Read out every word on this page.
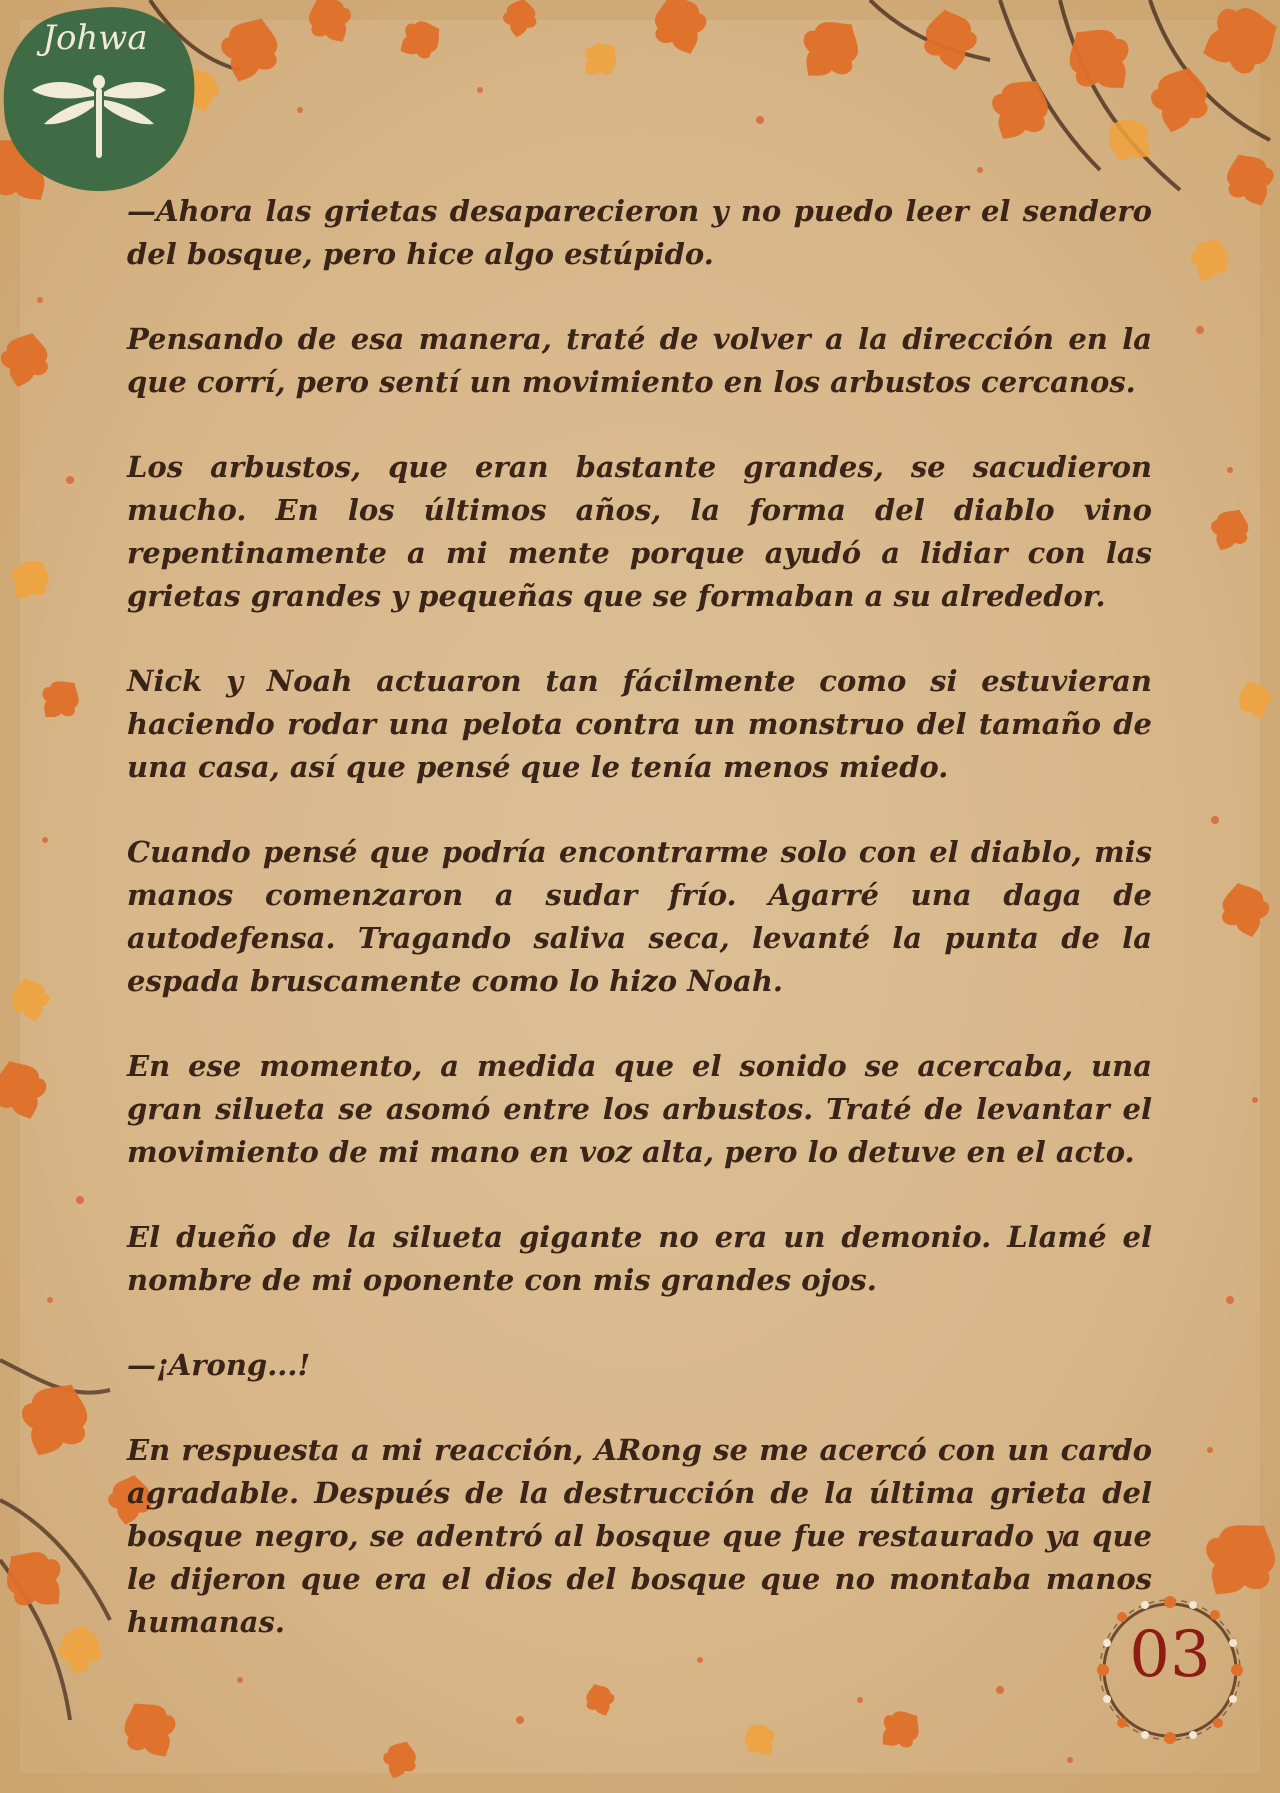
Johwa

—Ahora las grietas desaparecieron y no puedo leer el sendero del bosque, pero hice algo estúpido.

Pensando de esa manera, traté de volver a la dirección en la que corrí, pero sentí un movimiento en los arbustos cercanos.

Los arbustos, que eran bastante grandes, se sacudieron mucho. En los últimos años, la forma del diablo vino repentinamente a mi mente porque ayudó a lidiar con las grietas grandes y pequeñas que se formaban a su alrededor.

Nick y Noah actuaron tan fácilmente como si estuvieran haciendo rodar una pelota contra un monstruo del tamaño de una casa, así que pensé que le tenía menos miedo.

Cuando pensé que podría encontrarme solo con el diablo, mis manos comenzaron a sudar frío. Agarré una daga de autodefensa. Tragando saliva seca, levanté la punta de la espada bruscamente como lo hizo Noah.

En ese momento, a medida que el sonido se acercaba, una gran silueta se asomó entre los arbustos. Traté de levantar el movimiento de mi mano en voz alta, pero lo detuve en el acto.

El dueño de la silueta gigante no era un demonio. Llamé el nombre de mi oponente con mis grandes ojos.

—¡Arong...!

En respuesta a mi reacción, ARong se me acercó con un cardo agradable. Después de la destrucción de la última grieta del bosque negro, se adentró al bosque que fue restaurado ya que le dijeron que era el dios del bosque que no montaba manos humanas.	03
